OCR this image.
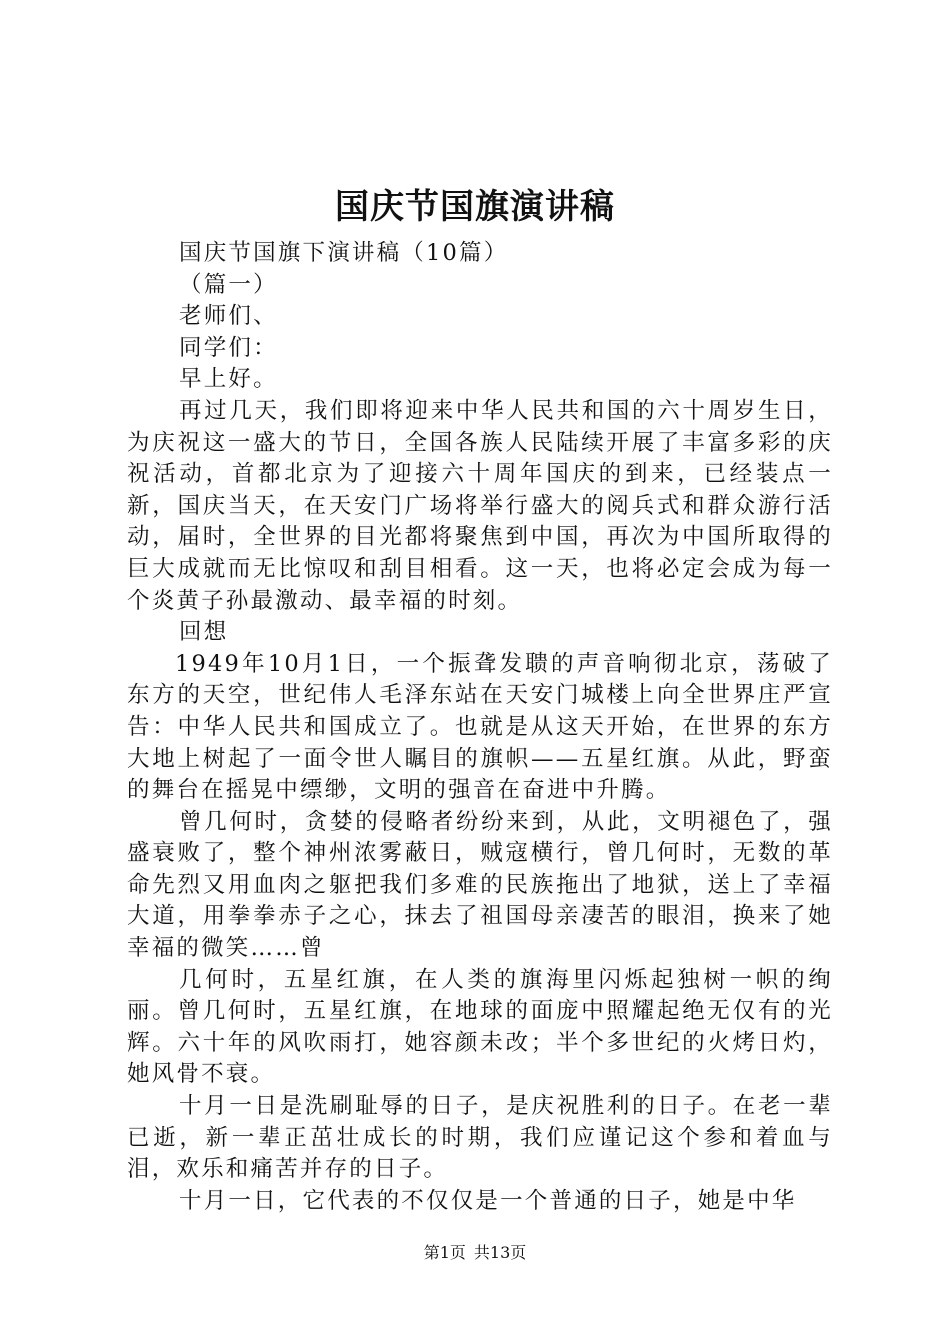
国庆节国旗演讲稿

国庆节国旗下演讲稿（10篇）

（篇一）

老师们、

同学们：

早上好。

再过几天，我们即将迎来中华人民共和国的六十周岁生日，为庆祝这一盛大的节日，全国各族人民陆续开展了丰富多彩的庆祝活动，首都北京为了迎接六十周年国庆的到来，已经装点一新，国庆当天，在天安门广场将举行盛大的阅兵式和群众游行活动，届时，全世界的目光都将聚焦到中国，再次为中国所取得的巨大成就而无比惊叹和刮目相看。这一天，也将必定会成为每一个炎黄子孙最激动、最幸福的时刻。

回想

1949年10月1日，一个振聋发聩的声音响彻北京，荡破了东方的天空，世纪伟人毛泽东站在天安门城楼上向全世界庄严宣告：中华人民共和国成立了。也就是从这天开始，在世界的东方大地上树起了一面令世人瞩目的旗帜——五星红旗。从此，野蛮的舞台在摇晃中缥缈，文明的强音在奋进中升腾。

曾几何时，贪婪的侵略者纷纷来到，从此，文明褪色了，强盛衰败了，整个神州浓雾蔽日，贼寇横行，曾几何时，无数的革命先烈又用血肉之躯把我们多难的民族拖出了地狱，送上了幸福大道，用拳拳赤子之心，抹去了祖国母亲凄苦的眼泪，换来了她幸福的微笑……曾

几何时，五星红旗，在人类的旗海里闪烁起独树一帜的绚丽。曾几何时，五星红旗，在地球的面庞中照耀起绝无仅有的光辉。六十年的风吹雨打，她容颜未改；半个多世纪的火烤日灼，她风骨不衰。

十月一日是洗刷耻辱的日子，是庆祝胜利的日子。在老一辈已逝，新一辈正茁壮成长的时期，我们应谨记这个参和着血与泪，欢乐和痛苦并存的日子。

十月一日，它代表的不仅仅是一个普通的日子，她是中华

第1页 共13页
